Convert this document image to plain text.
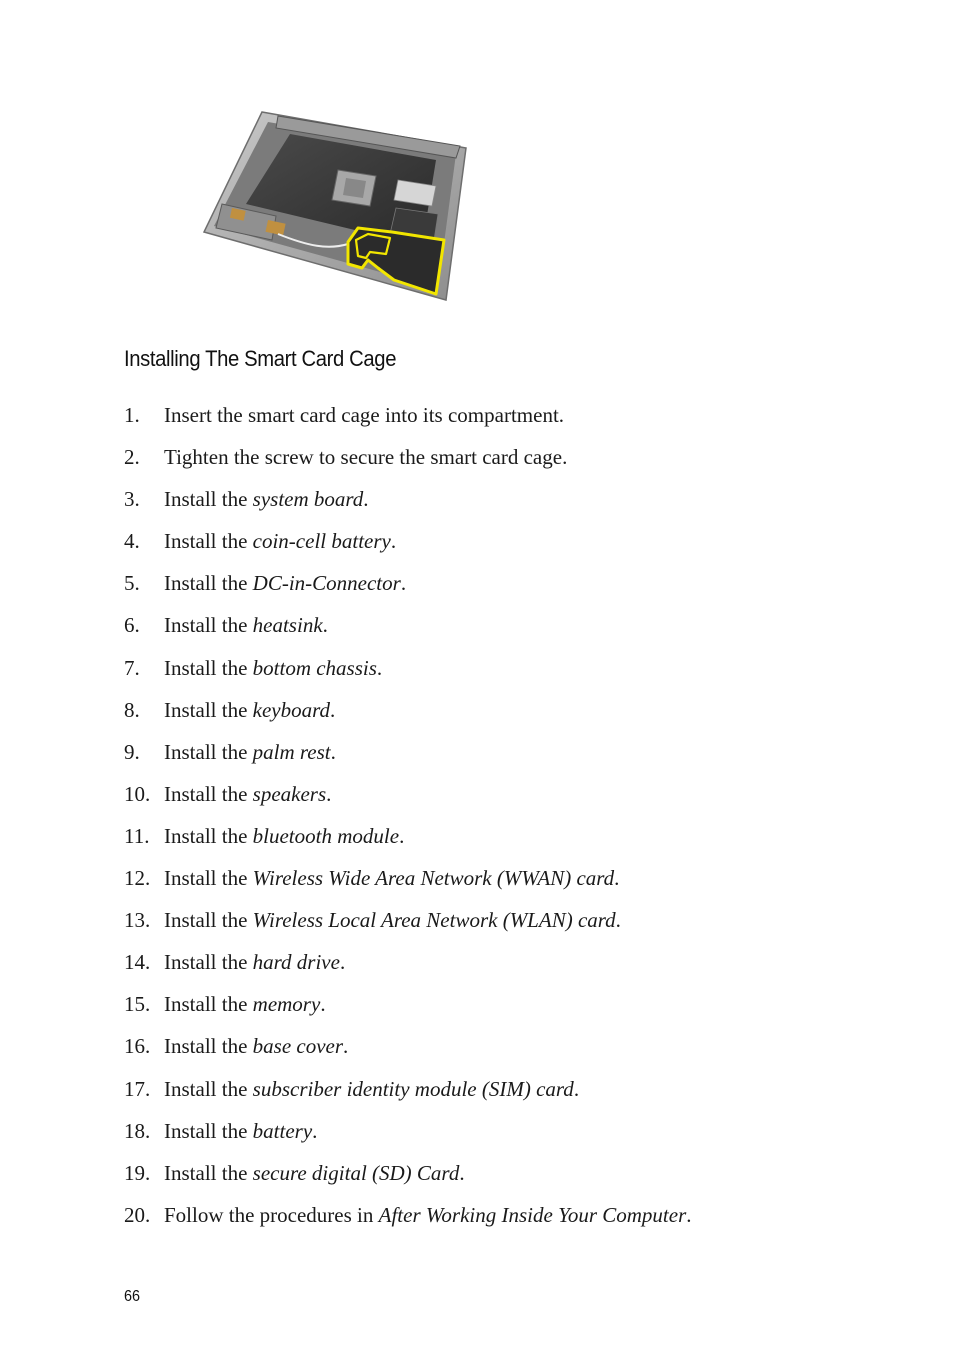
Installing The Smart Card Cage
1. Insert the smart card cage into its compartment.
2. Tighten the screw to secure the smart card cage.
3. Install the system board.
4. Install the coin-cell battery.
5. Install the DC-in-Connector.
6. Install the heatsink.
7. Install the bottom chassis.
8. Install the keyboard.
9. Install the palm rest.
10. Install the speakers.
11. Install the bluetooth module.
12. Install the Wireless Wide Area Network (WWAN) card.
13. Install the Wireless Local Area Network (WLAN) card.
14. Install the hard drive.
15. Install the memory.
16. Install the base cover.
17. Install the subscriber identity module (SIM) card.
18. Install the battery.
19. Install the secure digital (SD) Card.
20. Follow the procedures in After Working Inside Your Computer.
66
